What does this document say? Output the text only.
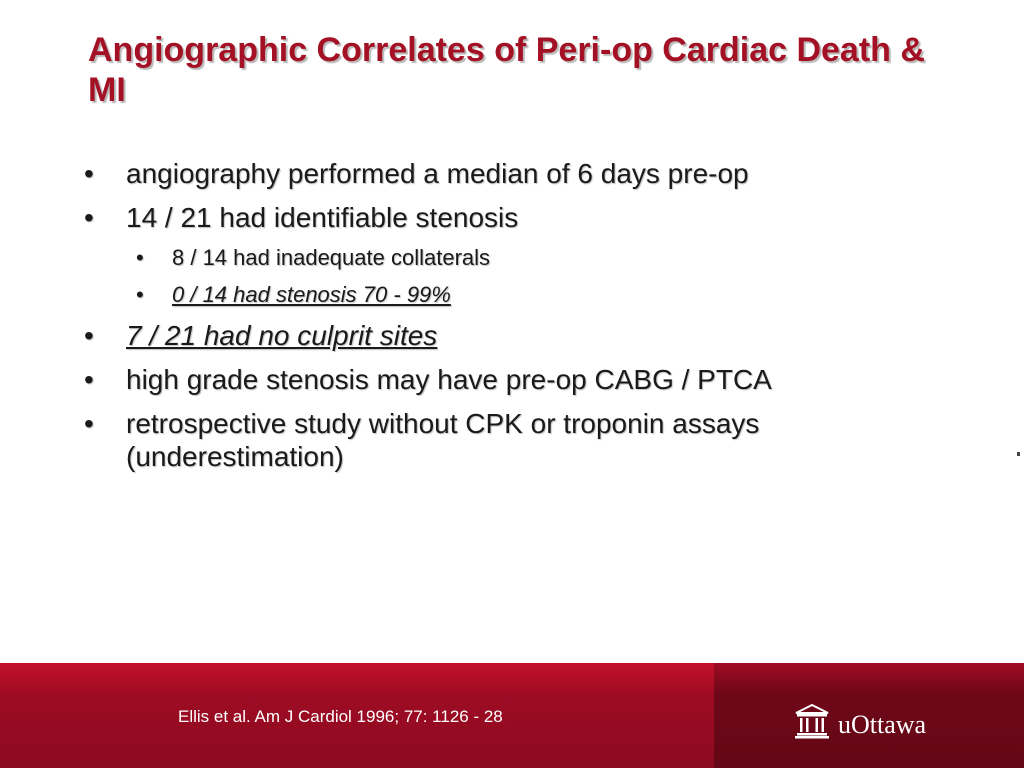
Angiographic Correlates of Peri-op Cardiac Death & MI
• angiography performed a median of 6 days pre-op
• 14 / 21 had identifiable stenosis
• 8 / 14 had inadequate collaterals
• 0 / 14 had stenosis 70 - 99%
• 7 / 21 had no culprit sites
• high grade stenosis may have pre-op CABG / PTCA
• retrospective study without CPK or troponin assays (underestimation)
Ellis et al. Am J Cardiol 1996; 77: 1126 - 28	uOttawa
